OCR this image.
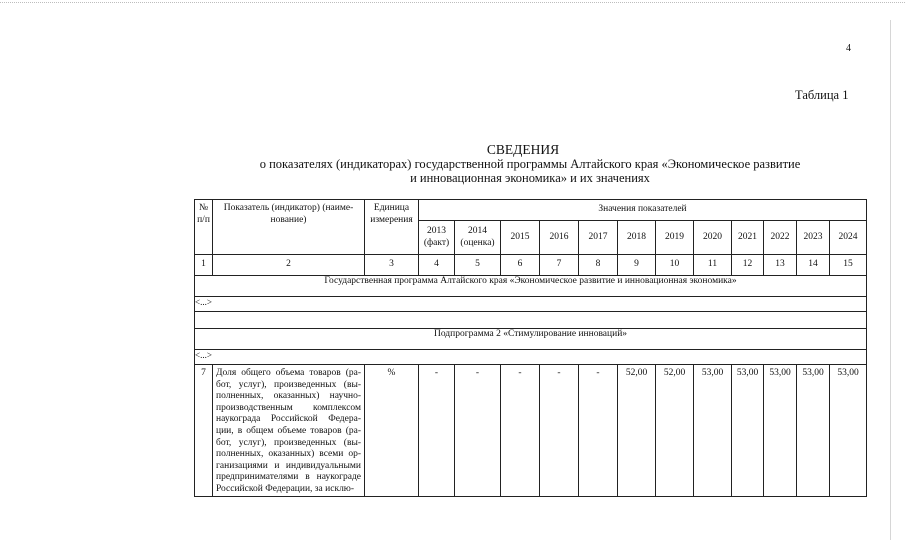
4
Таблица 1
СВЕДЕНИЯ
о показателях (индикаторах) государственной программы Алтайского края «Экономическое развитие
и инновационная экономика» и их значениях
№ п/п	Показатель (индикатор) (наиме-нование)	Единица измерения	Значения показателей											
			2013 (факт)	2014 (оценка)	2015	2016	2017	2018	2019	2020	2021	2022	2023	2024
1	2	3	4	5	6	7	8	9	10	11	12	13	14	15
Государственная программа Алтайского края «Экономическое развитие и инновационная экономика»														
<...>														

Подпрограмма 2 «Стимулирование инноваций»														
<...>														
7	Доля общего объема товаров (ра-бот, услуг), произведенных (вы-полненных, оказанных) научно-производственным комплексом наукограда Российской Федера-ции, в общем объеме товаров (ра-бот, услуг), произведенных (вы-полненных, оказанных) всеми ор-ганизациями и индивидуальными предпринимателями в наукограде Российской Федерации, за исклю-	%	-	-	-	-	-	52,00	52,00	53,00	53,00	53,00	53,00	53,00
